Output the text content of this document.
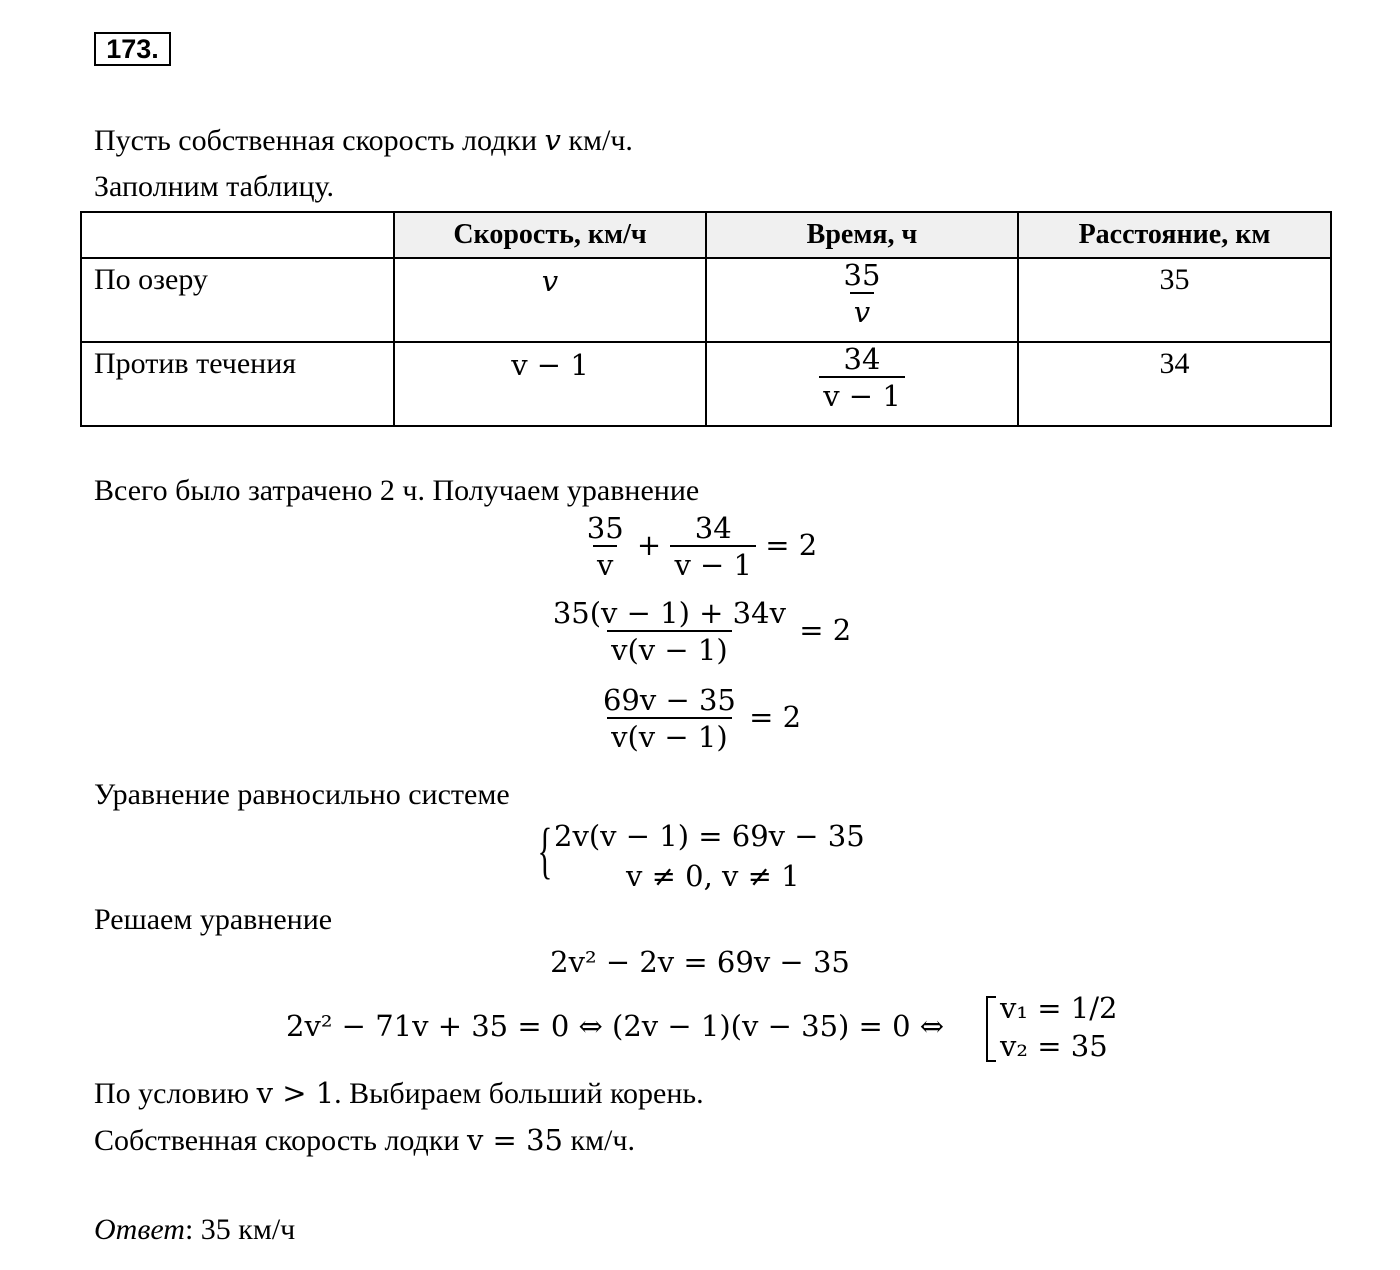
173.
Пусть собственная скорость лодки v км/ч.
Заполним таблицу.
	Скорость, км/ч	Время, ч	Расстояние, км

По озеру	v	$\frac{35}{v}$	35

Против течения	v − 1	$\frac{34}{v - 1}$	34
Всего было затрачено 2 ч. Получаем уравнение
$\frac{35}{v} + \frac{34}{v - 1} = 2$
$\frac{35(v - 1) + 34v}{v(v - 1)} = 2$
$\frac{69v - 35}{v(v - 1)} = 2$
Уравнение равносильно системе
{ 2v(v − 1) = 69v − 35
v ≠ 0, v ≠ 1
Решаем уравнение
2v² − 2v = 69v − 35
2v² − 71v + 35 = 0 ⇔ (2v − 1)(v − 35) = 0 ⇔
v₁ = 1/2
v₂ = 35
По условию v > 1. Выбираем больший корень.
Собственная скорость лодки v = 35 км/ч.
Ответ: 35 км/ч
